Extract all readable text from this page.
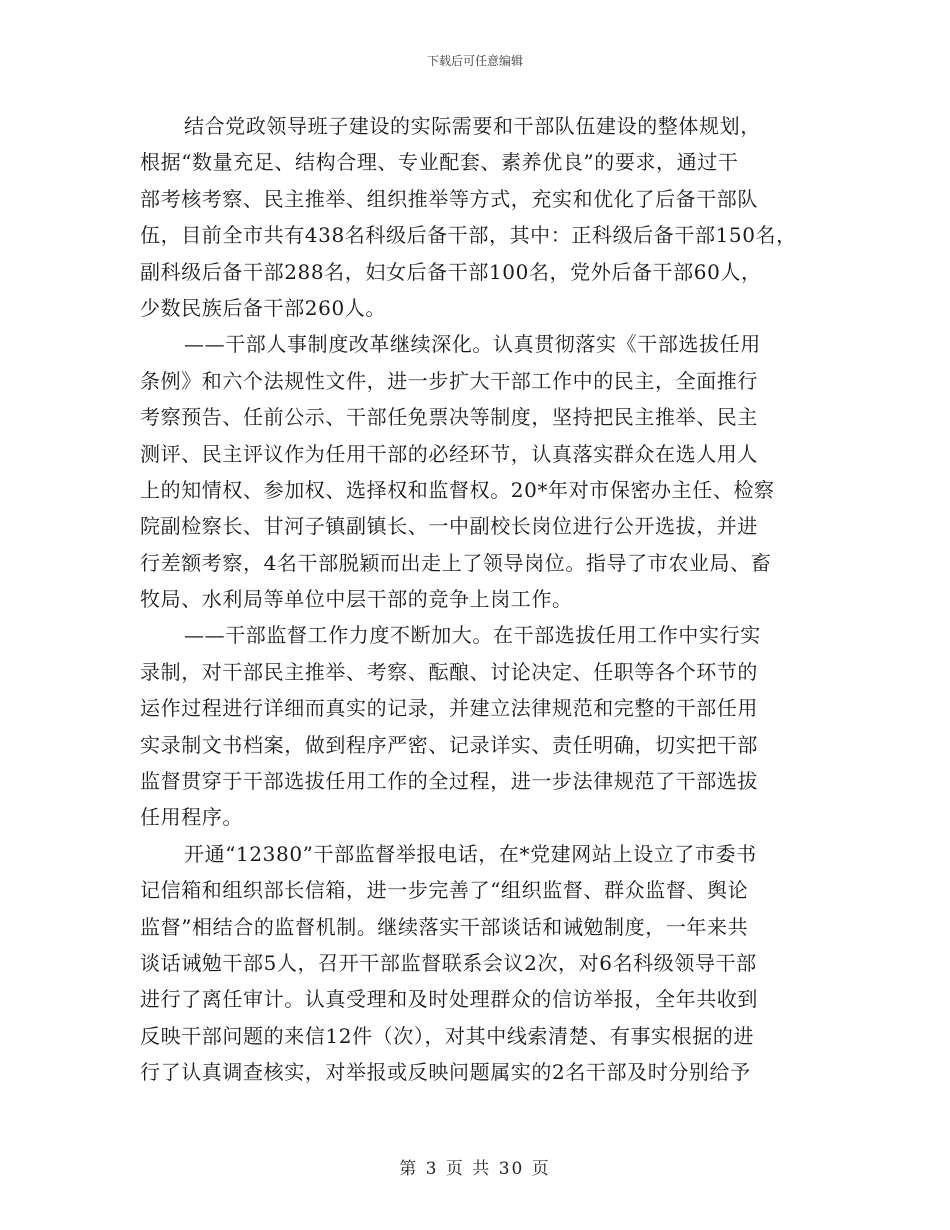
下载后可任意编辑
结合党政领导班子建设的实际需要和干部队伍建设的整体规划，
根据“数量充足、结构合理、专业配套、素养优良”的要求，通过干
部考核考察、民主推举、组织推举等方式，充实和优化了后备干部队
伍，目前全市共有438名科级后备干部，其中：正科级后备干部150名，
副科级后备干部288名，妇女后备干部100名，党外后备干部60人，
少数民族后备干部260人。
——干部人事制度改革继续深化。认真贯彻落实《干部选拔任用
条例》和六个法规性文件，进一步扩大干部工作中的民主，全面推行
考察预告、任前公示、干部任免票决等制度，坚持把民主推举、民主
测评、民主评议作为任用干部的必经环节，认真落实群众在选人用人
上的知情权、参加权、选择权和监督权。20*年对市保密办主任、检察
院副检察长、甘河子镇副镇长、一中副校长岗位进行公开选拔，并进
行差额考察，4名干部脱颖而出走上了领导岗位。指导了市农业局、畜
牧局、水利局等单位中层干部的竞争上岗工作。
——干部监督工作力度不断加大。在干部选拔任用工作中实行实
录制，对干部民主推举、考察、酝酿、讨论决定、任职等各个环节的
运作过程进行详细而真实的记录，并建立法律规范和完整的干部任用
实录制文书档案，做到程序严密、记录详实、责任明确，切实把干部
监督贯穿于干部选拔任用工作的全过程，进一步法律规范了干部选拔
任用程序。
开通“12380”干部监督举报电话，在*党建网站上设立了市委书
记信箱和组织部长信箱，进一步完善了“组织监督、群众监督、舆论
监督”相结合的监督机制。继续落实干部谈话和诫勉制度，一年来共
谈话诫勉干部5人，召开干部监督联系会议2次，对6名科级领导干部
进行了离任审计。认真受理和及时处理群众的信访举报，全年共收到
反映干部问题的来信12件（次），对其中线索清楚、有事实根据的进
行了认真调查核实，对举报或反映问题属实的2名干部及时分别给予
第 3 页 共 30 页
